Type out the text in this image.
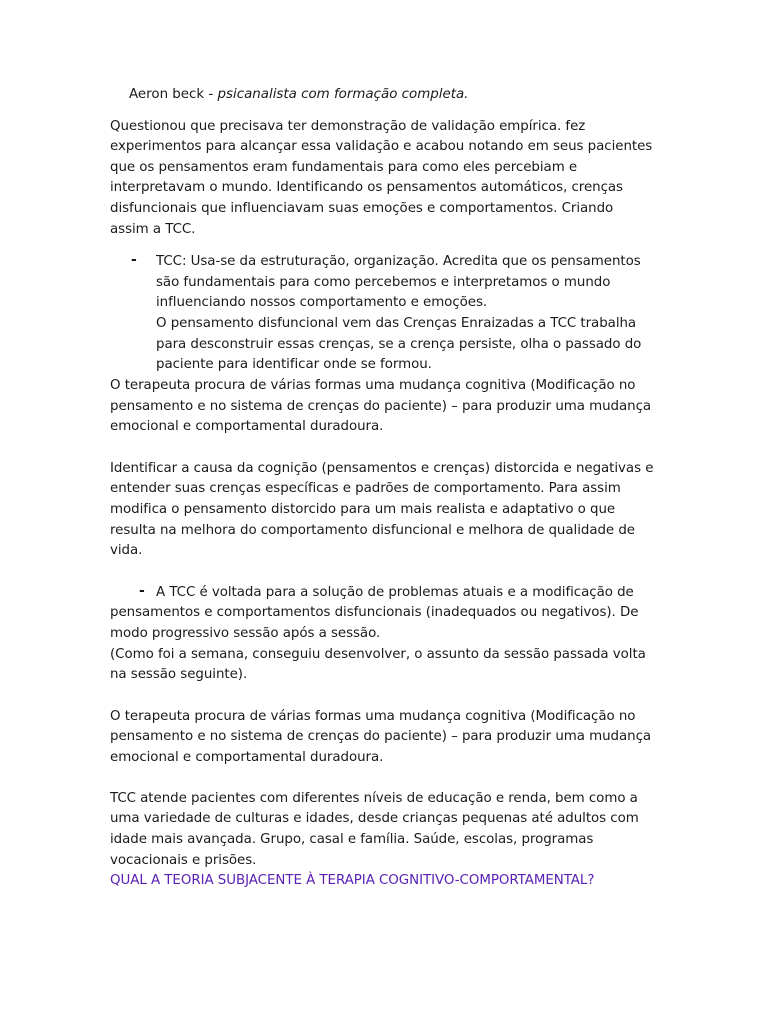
Aeron beck - psicanalista com formação completa.
-
-
Questionou que precisava ter demonstração de validação empírica. fez
experimentos para alcançar essa validação e acabou notando em seus pacientes
que os pensamentos eram fundamentais para como eles percebiam e
interpretavam o mundo. Identificando os pensamentos automáticos, crenças
disfuncionais que influenciavam suas emoções e comportamentos. Criando
assim a TCC.
TCC: Usa-se da estruturação, organização. Acredita que os pensamentos
são fundamentais para como percebemos e interpretamos o mundo
influenciando nossos comportamento e emoções.
O pensamento disfuncional vem das Crenças Enraizadas a TCC trabalha
para desconstruir essas crenças, se a crença persiste, olha o passado do
paciente para identificar onde se formou.
O terapeuta procura de várias formas uma mudança cognitiva (Modificação no
pensamento e no sistema de crenças do paciente) – para produzir uma mudança
emocional e comportamental duradoura.
Identificar a causa da cognição (pensamentos e crenças) distorcida e negativas e
entender suas crenças específicas e padrões de comportamento. Para assim
modifica o pensamento distorcido para um mais realista e adaptativo o que
resulta na melhora do comportamento disfuncional e melhora de qualidade de
vida.
A TCC é voltada para a solução de problemas atuais e a modificação de
pensamentos e comportamentos disfuncionais (inadequados ou negativos). De
modo progressivo sessão após a sessão.
(Como foi a semana, conseguiu desenvolver, o assunto da sessão passada volta
na sessão seguinte).
O terapeuta procura de várias formas uma mudança cognitiva (Modificação no
pensamento e no sistema de crenças do paciente) – para produzir uma mudança
emocional e comportamental duradoura.
TCC atende pacientes com diferentes níveis de educação e renda, bem como a
uma variedade de culturas e idades, desde crianças pequenas até adultos com
idade mais avançada. Grupo, casal e família. Saúde, escolas, programas
vocacionais e prisões.
QUAL A TEORIA SUBJACENTE À TERAPIA COGNITIVO-COMPORTAMENTAL?
